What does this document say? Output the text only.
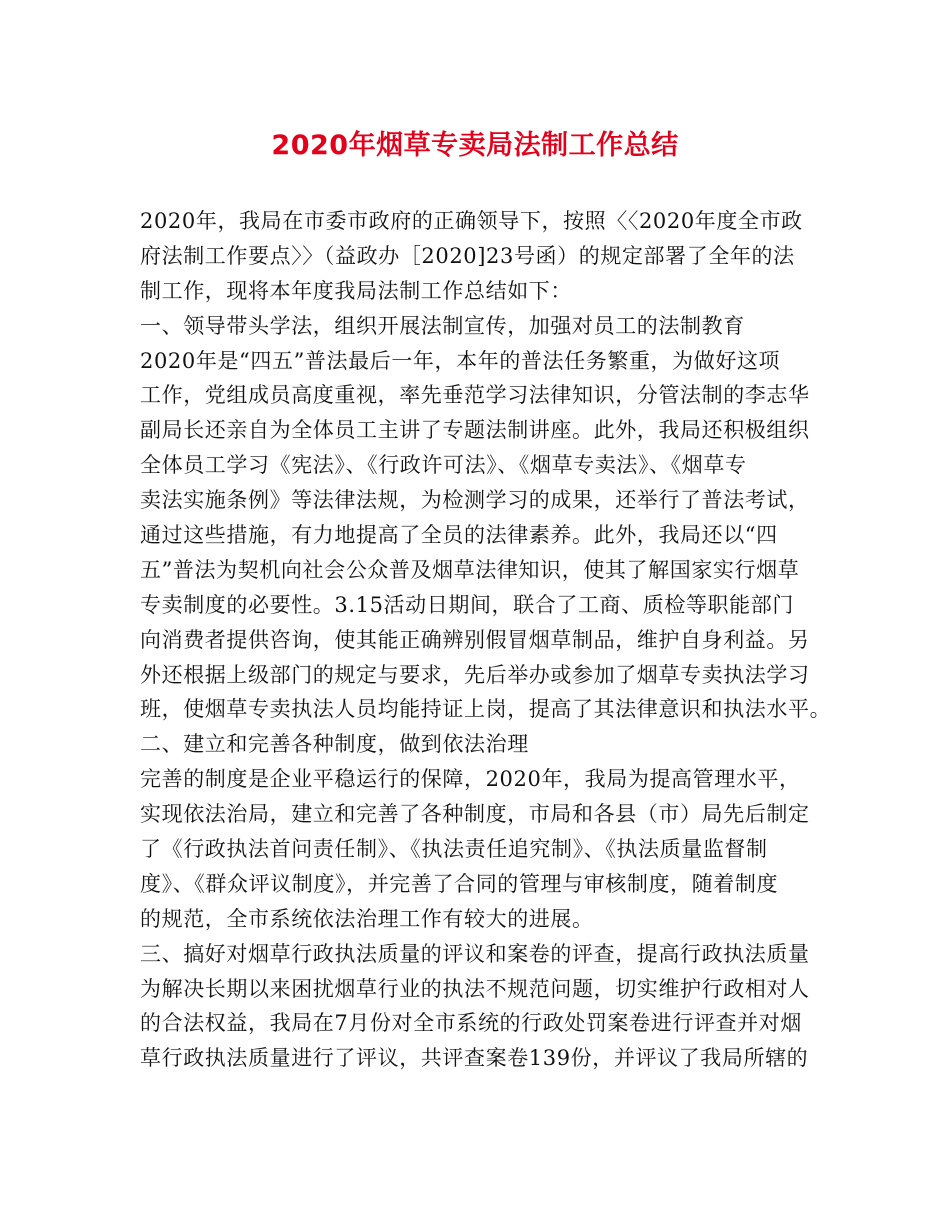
2020年烟草专卖局法制工作总结
2020年，我局在市委市政府的正确领导下，按照〈〈2020年度全市政
府法制工作要点〉〉（益政办［2020]23号函）的规定部署了全年的法
制工作，现将本年度我局法制工作总结如下：
一、领导带头学法，组织开展法制宣传，加强对员工的法制教育
2020年是“四五”普法最后一年，本年的普法任务繁重，为做好这项
工作，党组成员高度重视，率先垂范学习法律知识，分管法制的李志华
副局长还亲自为全体员工主讲了专题法制讲座。此外，我局还积极组织
全体员工学习《宪法》、《行政许可法》、《烟草专卖法》、《烟草专
卖法实施条例》等法律法规，为检测学习的成果，还举行了普法考试，
通过这些措施，有力地提高了全员的法律素养。此外，我局还以“四
五”普法为契机向社会公众普及烟草法律知识，使其了解国家实行烟草
专卖制度的必要性。3.15活动日期间，联合了工商、质检等职能部门
向消费者提供咨询，使其能正确辨别假冒烟草制品，维护自身利益。另
外还根据上级部门的规定与要求，先后举办或参加了烟草专卖执法学习
班，使烟草专卖执法人员均能持证上岗，提高了其法律意识和执法水平。
二、建立和完善各种制度，做到依法治理
完善的制度是企业平稳运行的保障，2020年，我局为提高管理水平，
实现依法治局，建立和完善了各种制度，市局和各县（市）局先后制定
了《行政执法首问责任制》、《执法责任追究制》、《执法质量监督制
度》、《群众评议制度》，并完善了合同的管理与审核制度，随着制度
的规范，全市系统依法治理工作有较大的进展。
三、搞好对烟草行政执法质量的评议和案卷的评查，提高行政执法质量
为解决长期以来困扰烟草行业的执法不规范问题，切实维护行政相对人
的合法权益，我局在7月份对全市系统的行政处罚案卷进行评查并对烟
草行政执法质量进行了评议，共评查案卷139份，并评议了我局所辖的
